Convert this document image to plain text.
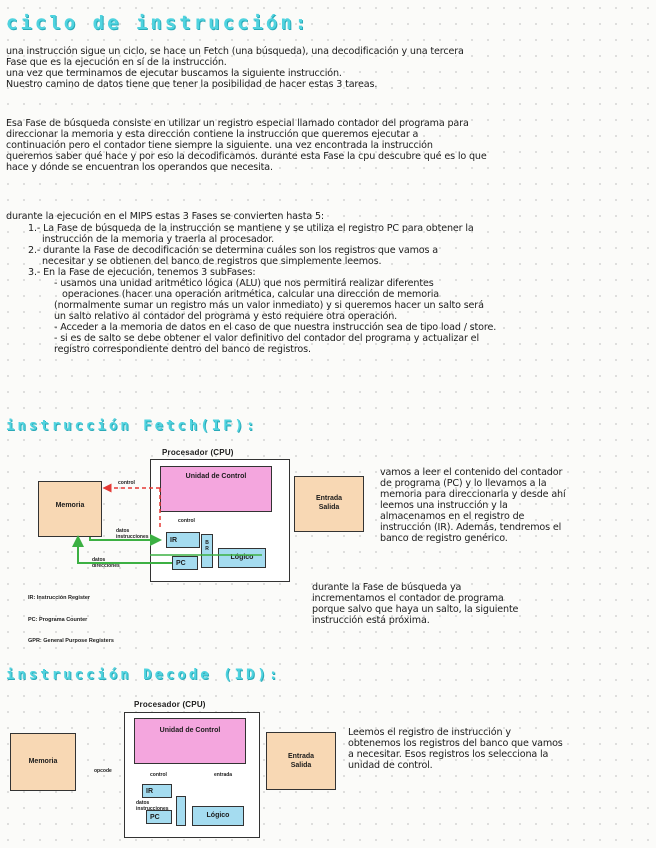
ciclo de instrucción:

una instrucción sigue un ciclo, se hace un Fetch (una búsqueda), una decodificación y una tercera
Fase que es la ejecución en sí de la instrucción.
una vez que terminamos de ejecutar buscamos la siguiente instrucción.
Nuestro camino de datos tiene que tener la posibilidad de hacer estas 3 tareas.

Esa Fase de búsqueda consiste en utilizar un registro especial llamado contador del programa para
direccionar la memoria y esta dirección contiene la instrucción que queremos ejecutar a
continuación pero el contador tiene siempre la siguiente. una vez encontrada la instrucción
queremos saber qué hace y por eso la decodificamos. durante esta Fase la cpu descubre qué es lo que
hace y dónde se encuentran los operandos que necesita.

durante la ejecución en el MIPS estas 3 Fases se convierten hasta 5:

1.- La Fase de búsqueda de la instrucción se mantiene y se utiliza el registro PC para obtener la
instrucción de la memoria y traerla al procesador.
2.- durante la Fase de decodificación se determina cuáles son los registros que vamos a
necesitar y se obtienen del banco de registros que simplemente leemos.
3.- En la Fase de ejecución, tenemos 3 subFases:
- usamos una unidad aritmético lógica (ALU) que nos permitirá realizar diferentes
operaciones (hacer una operación aritmética, calcular una dirección de memoria
(normalmente sumar un registro más un valor inmediato) y si queremos hacer un salto será
un salto relativo al contador del programa y esto requiere otra operación.
- Acceder a la memoria de datos en el caso de que nuestra instrucción sea de tipo load / store.
- si es de salto se debe obtener el valor definitivo del contador del programa y actualizar el
registro correspondiente dentro del banco de registros.
instrucción Fetch(IF):
Procesador (CPU)
Unidad de Control
control
IR
PC
B R
Lógico
Memoria
Entrada
Salida
control
datos
instrucciones
datos
direcciones
IR: Instrucción Register
PC: Programa Counter
GPR: General Purpose Registers
vamos a leer el contenido del contador
de programa (PC) y lo llevamos a la
memoria para direccionarla y desde ahí
leemos una instrucción y la
almacenamos en el registro de
instrucción (IR). Además, tendremos el
banco de registro genérico.
durante la Fase de búsqueda ya
incrementamos el contador de programa
porque salvo que haya un salto, la siguiente
instrucción está próxima.
instrucción Decode (ID):
Procesador (CPU)
Unidad de Control
control	entrada
IR
PC	Lógico
datos
instrucciones
Memoria
opcode
Entrada
Salida
Leemos el registro de instrucción y
obtenemos los registros del banco que vamos
a necesitar. Esos registros los selecciona la
unidad de control.
